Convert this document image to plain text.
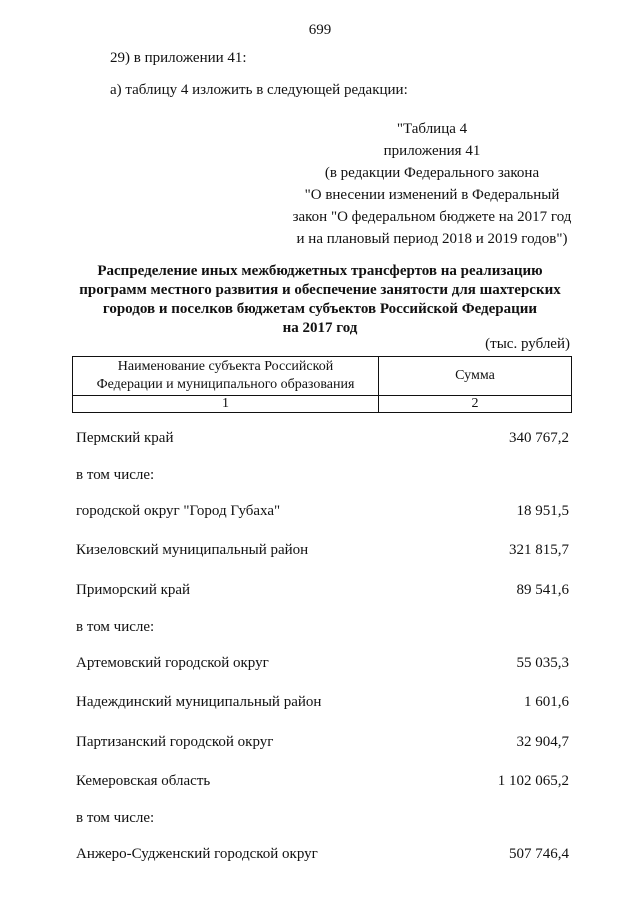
699
29) в приложении 41:
а) таблицу 4 изложить в следующей редакции:
"Таблица 4
приложения 41
(в редакции Федерального закона
"О внесении изменений в Федеральный
закон "О федеральном бюджете на 2017 год
и на плановый период 2018 и 2019 годов")
Распределение иных межбюджетных трансфертов на реализацию
программ местного развития и обеспечение занятости для шахтерских
городов и поселков бюджетам субъектов Российской Федерации
на 2017 год
(тыс. рублей)
Наименование субъекта Российской
Федерации и муниципального образования	Сумма
1	2
Пермский край	340 767,2
в том числе:
городской округ "Город Губаха"	18 951,5
Кизеловский муниципальный район	321 815,7
Приморский край	89 541,6
в том числе:
Артемовский городской округ	55 035,3
Надеждинский муниципальный район	1 601,6
Партизанский городской округ	32 904,7
Кемеровская область	1 102 065,2
в том числе:
Анжеро-Судженский городской округ	507 746,4
